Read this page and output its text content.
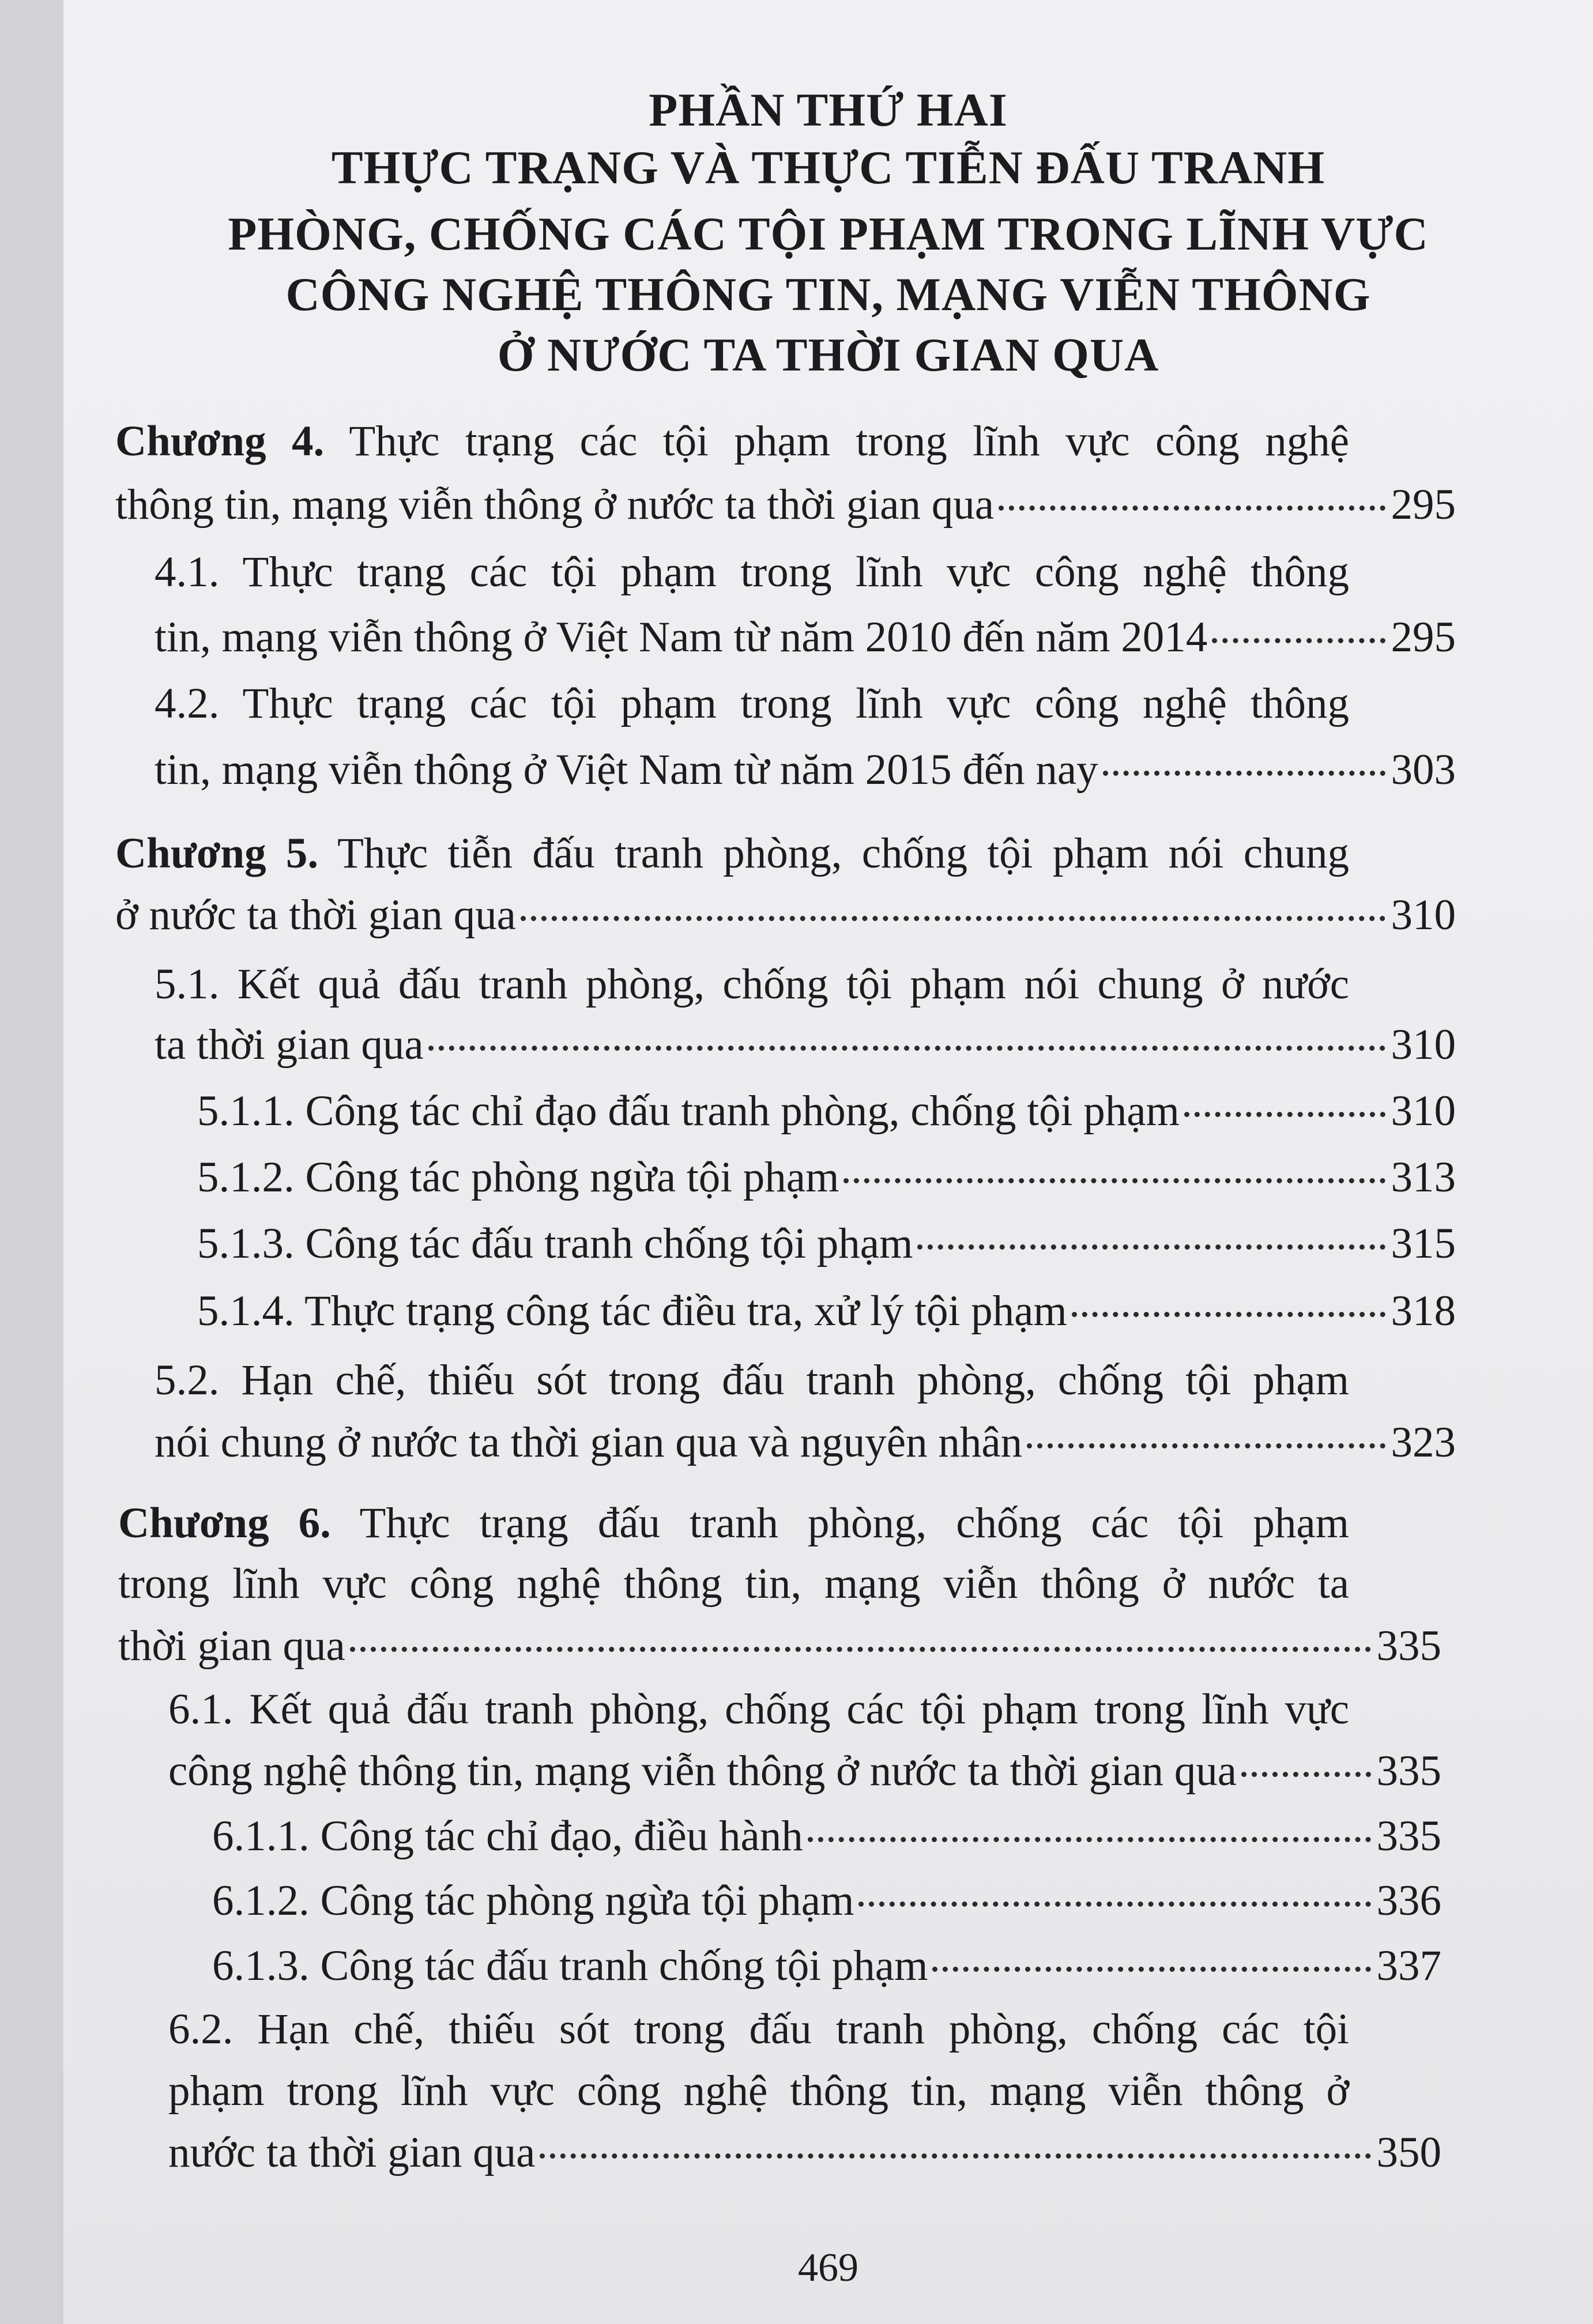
PHẦN THỨ HAI
THỰC TRẠNG VÀ THỰC TIỄN ĐẤU TRANH
PHÒNG, CHỐNG CÁC TỘI PHẠM TRONG LĨNH VỰC
CÔNG NGHỆ THÔNG TIN, MẠNG VIỄN THÔNG
Ở NƯỚC TA THỜI GIAN QUA
Chương 4. Thực trạng các tội phạm trong lĩnh vực công nghệ
thông tin, mạng viễn thông ở nước ta thời gian qua	295
4.1. Thực trạng các tội phạm trong lĩnh vực công nghệ thông
tin, mạng viễn thông ở Việt Nam từ năm 2010 đến năm 2014	295
4.2. Thực trạng các tội phạm trong lĩnh vực công nghệ thông
tin, mạng viễn thông ở Việt Nam từ năm 2015 đến nay	303
Chương 5. Thực tiễn đấu tranh phòng, chống tội phạm nói chung
ở nước ta thời gian qua	310
5.1. Kết quả đấu tranh phòng, chống tội phạm nói chung ở nước
ta thời gian qua	310
5.1.1. Công tác chỉ đạo đấu tranh phòng, chống tội phạm	310
5.1.2. Công tác phòng ngừa tội phạm	313
5.1.3. Công tác đấu tranh chống tội phạm	315
5.1.4. Thực trạng công tác điều tra, xử lý tội phạm	318
5.2. Hạn chế, thiếu sót trong đấu tranh phòng, chống tội phạm
nói chung ở nước ta thời gian qua và nguyên nhân	323
Chương 6. Thực trạng đấu tranh phòng, chống các tội phạm
trong lĩnh vực công nghệ thông tin, mạng viễn thông ở nước ta
thời gian qua	335
6.1. Kết quả đấu tranh phòng, chống các tội phạm trong lĩnh vực
công nghệ thông tin, mạng viễn thông ở nước ta thời gian qua	335
6.1.1. Công tác chỉ đạo, điều hành	335
6.1.2. Công tác phòng ngừa tội phạm	336
6.1.3. Công tác đấu tranh chống tội phạm	337
6.2. Hạn chế, thiếu sót trong đấu tranh phòng, chống các tội
phạm trong lĩnh vực công nghệ thông tin, mạng viễn thông ở
nước ta thời gian qua	350
469
